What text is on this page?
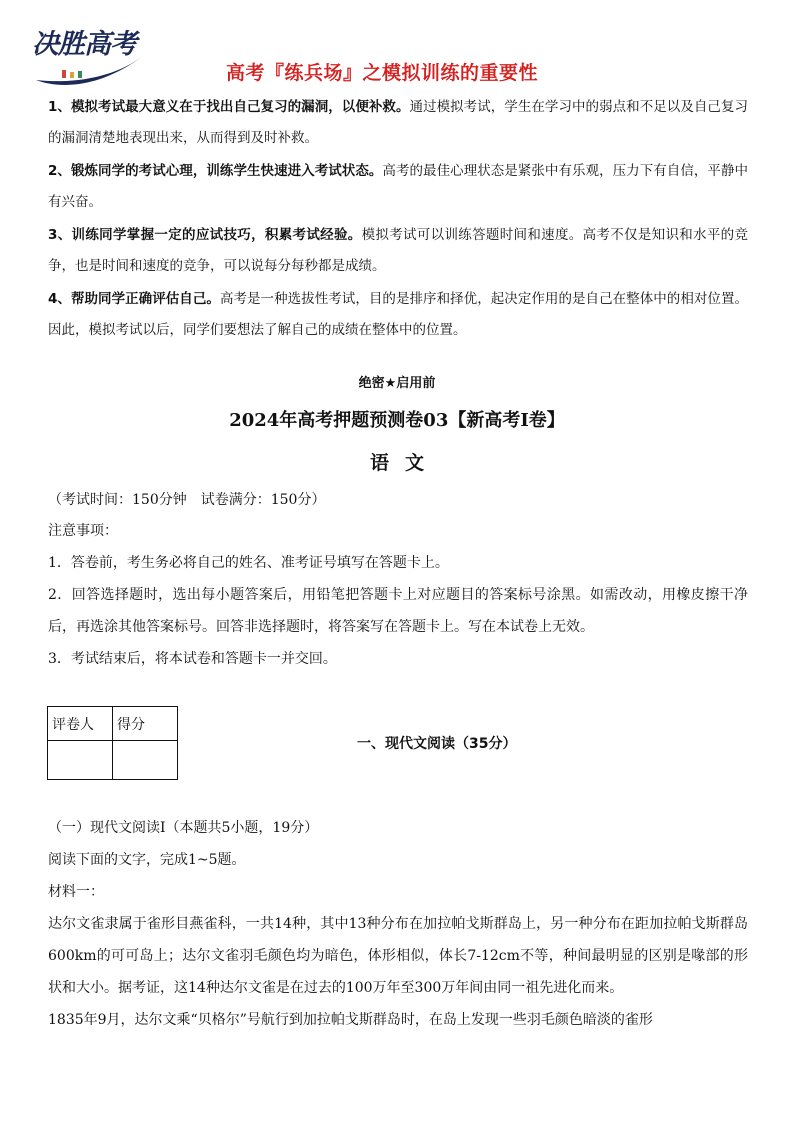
决胜高考
高考『练兵场』之模拟训练的重要性

1、模拟考试最大意义在于找出自己复习的漏洞，以便补救。通过模拟考试，学生在学习中的弱点和不足以及自己复习的漏洞清楚地表现出来，从而得到及时补救。

2、锻炼同学的考试心理，训练学生快速进入考试状态。高考的最佳心理状态是紧张中有乐观，压力下有自信，平静中有兴奋。

3、训练同学掌握一定的应试技巧，积累考试经验。模拟考试可以训练答题时间和速度。高考不仅是知识和水平的竞争，也是时间和速度的竞争，可以说每分每秒都是成绩。

4、帮助同学正确评估自己。高考是一种选拔性考试，目的是排序和择优，起决定作用的是自己在整体中的相对位置。因此，模拟考试以后，同学们要想法了解自己的成绩在整体中的位置。

绝密★启用前
2024年高考押题预测卷03【新高考I卷】
语文
（考试时间：150分钟　试卷满分：150分）

注意事项：

1．答卷前，考生务必将自己的姓名、准考证号填写在答题卡上。

2．回答选择题时，选出每小题答案后，用铅笔把答题卡上对应题目的答案标号涂黑。如需改动，用橡皮擦干净后，再选涂其他答案标号。回答非选择题时，将答案写在答题卡上。写在本试卷上无效。

3．考试结束后，将本试卷和答题卡一并交回。

评卷人	得分

一、现代文阅读（35分）

（一）现代文阅读I（本题共5小题，19分）

阅读下面的文字，完成1~5题。

材料一：

达尔文雀隶属于雀形目燕雀科，一共14种，其中13种分布在加拉帕戈斯群岛上，另一种分布在距加拉帕戈斯群岛600km的可可岛上；达尔文雀羽毛颜色均为暗色，体形相似，体长7-12cm不等，种间最明显的区别是喙部的形状和大小。据考证，这14种达尔文雀是在过去的100万年至300万年间由同一祖先进化而来。

1835年9月，达尔文乘“贝格尔”号航行到加拉帕戈斯群岛时，在岛上发现一些羽毛颜色暗淡的雀形
